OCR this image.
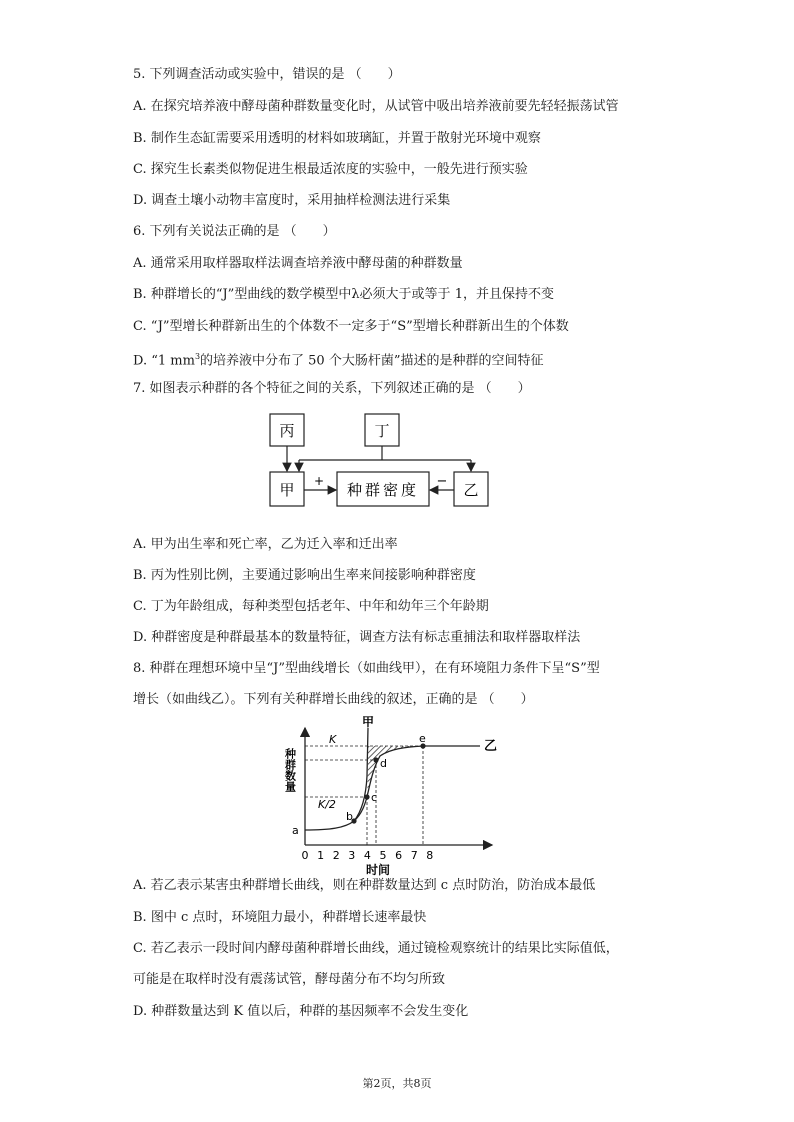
5. 下列调查活动或实验中，错误的是 （　　）
A. 在探究培养液中酵母菌种群数量变化时，从试管中吸出培养液前要先轻轻振荡试管
B. 制作生态缸需要采用透明的材料如玻璃缸，并置于散射光环境中观察
C. 探究生长素类似物促进生根最适浓度的实验中，一般先进行预实验
D. 调查土壤小动物丰富度时，采用抽样检测法进行采集
6. 下列有关说法正确的是 （　　）
A. 通常采用取样器取样法调查培养液中酵母菌的种群数量
B. 种群增长的“J”型曲线的数学模型中λ必须大于或等于 1，并且保持不变
C. “J”型增长种群新出生的个体数不一定多于“S”型增长种群新出生的个体数
D. “1 $mm^3$的培养液中分布了 50 个大肠杆菌”描述的是种群的空间特征
7. 如图表示种群的各个特征之间的关系，下列叙述正确的是 （　　）
丙	丁
甲	种群密度	乙
+	−
A. 甲为出生率和死亡率，乙为迁入率和迁出率
B. 丙为性别比例，主要通过影响出生率来间接影响种群密度
C. 丁为年龄组成，每种类型包括老年、中年和幼年三个年龄期
D. 种群密度是种群最基本的数量特征，调查方法有标志重捕法和取样器取样法
8. 种群在理想环境中呈“J”型曲线增长（如曲线甲），在有环境阻力条件下呈“S”型
增长（如曲线乙）。下列有关种群增长曲线的叙述，正确的是 （　　）
种群数量
时间
0 1 2 3 4 5 6 7 8
甲
乙
K
K/2
a
b
c
d
e
A. 若乙表示某害虫种群增长曲线，则在种群数量达到 c 点时防治，防治成本最低
B. 图中 c 点时，环境阻力最小，种群增长速率最快
C. 若乙表示一段时间内酵母菌种群增长曲线，通过镜检观察统计的结果比实际值低，
可能是在取样时没有震荡试管，酵母菌分布不均匀所致
D. 种群数量达到 K 值以后，种群的基因频率不会发生变化
第2页，共8页
